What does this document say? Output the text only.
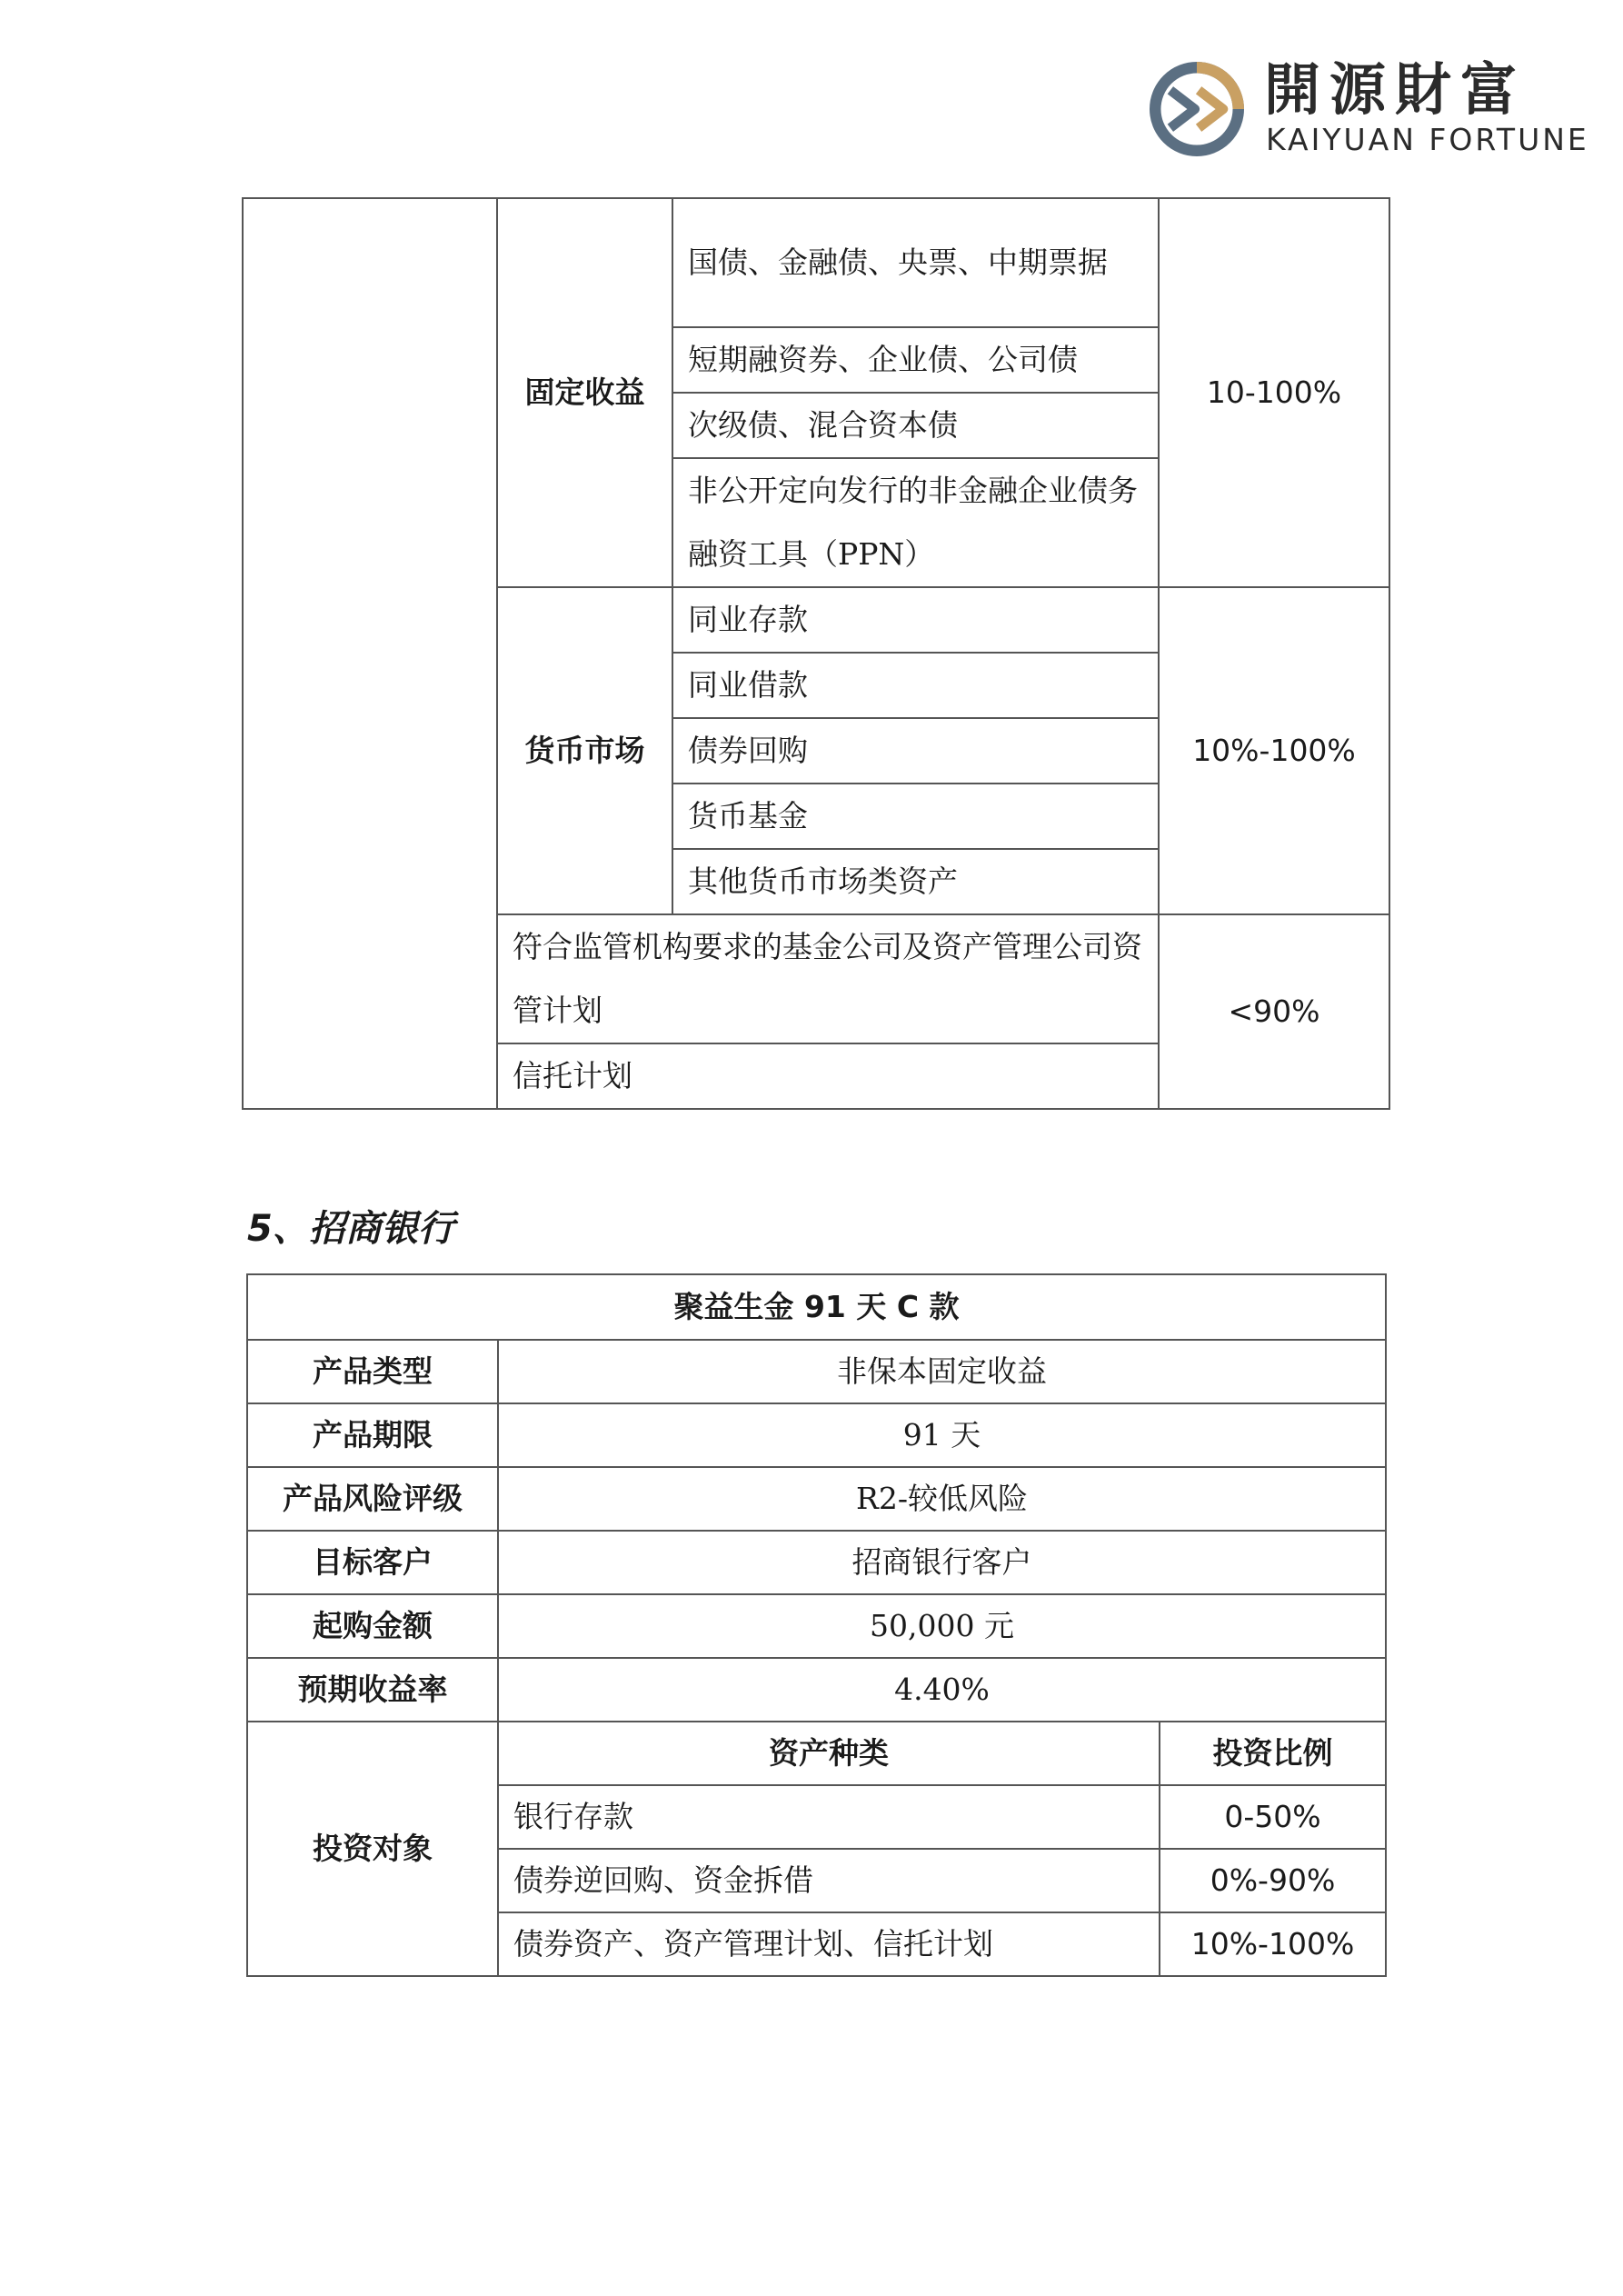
開源財富
KAIYUAN FORTUNE
	固定收益	国债、金融债、央票、中期票据	10-100%
		短期融资券、企业债、公司债	
		次级债、混合资本债	
		非公开定向发行的非金融企业债务融资工具（PPN）	
	货币市场	同业存款	10%-100%
		同业借款	
		债券回购	
		货币基金	
		其他货币市场类资产	
	符合监管机构要求的基金公司及资产管理公司资管计划		<90%
	信托计划		
5、招商银行
聚益生金 91 天 C 款		
产品类型	非保本固定收益	
产品期限	91 天	
产品风险评级	R2-较低风险	
目标客户	招商银行客户	
起购金额	50,000 元	
预期收益率	4.40%	
投资对象	资产种类	投资比例
	银行存款	0-50%
	债券逆回购、资金拆借	0%-90%
	债券资产、资产管理计划、信托计划	10%-100%
